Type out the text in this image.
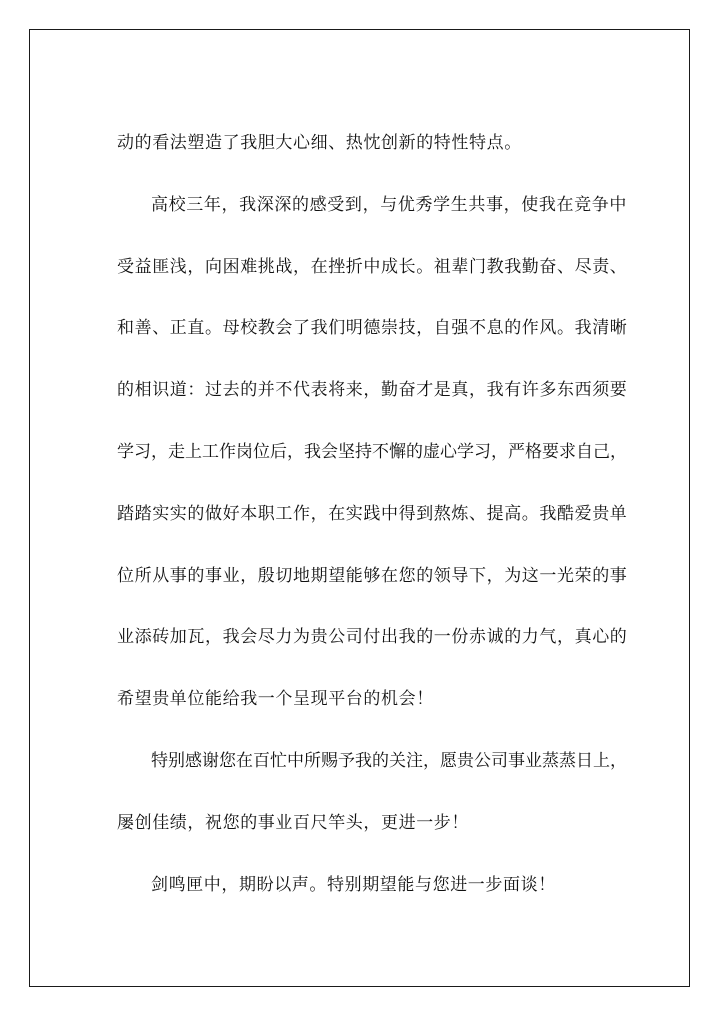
动的看法塑造了我胆大心细、热忱创新的特性特点。
高校三年，我深深的感受到，与优秀学生共事，使我在竞争中
受益匪浅，向困难挑战，在挫折中成长。祖辈门教我勤奋、尽责、
和善、正直。母校教会了我们明德崇技，自强不息的作风。我清晰
的相识道：过去的并不代表将来，勤奋才是真，我有许多东西须要
学习，走上工作岗位后，我会坚持不懈的虚心学习，严格要求自己，
踏踏实实的做好本职工作，在实践中得到熬炼、提高。我酷爱贵单
位所从事的事业，殷切地期望能够在您的领导下，为这一光荣的事
业添砖加瓦，我会尽力为贵公司付出我的一份赤诚的力气，真心的
希望贵单位能给我一个呈现平台的机会！
特别感谢您在百忙中所赐予我的关注，愿贵公司事业蒸蒸日上，
屡创佳绩，祝您的事业百尺竿头，更进一步！
剑鸣匣中，期盼以声。特别期望能与您进一步面谈！
